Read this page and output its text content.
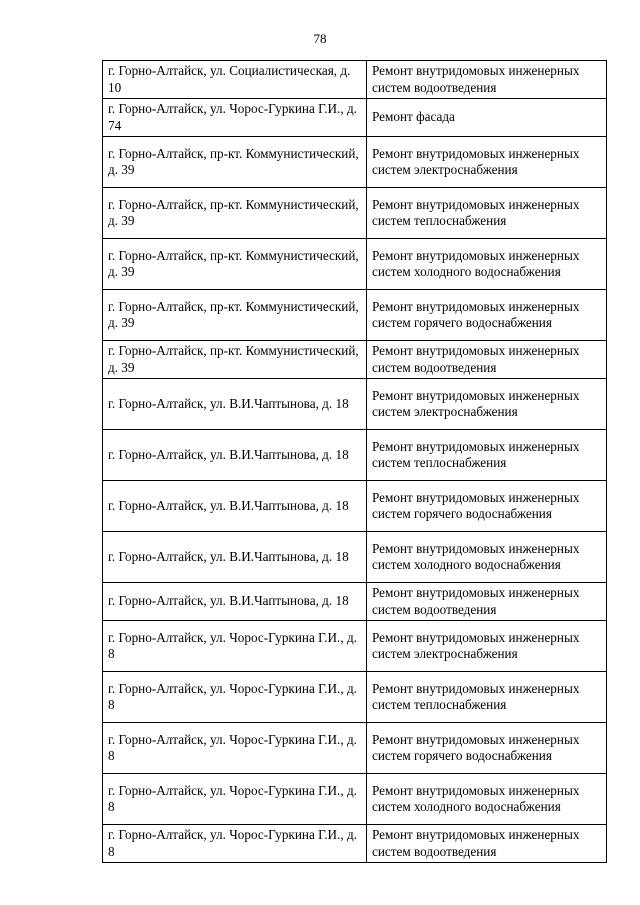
78
г. Горно-Алтайск, ул. Социалистическая, д. 10	Ремонт внутридомовых инженерных систем водоотведения
г. Горно-Алтайск, ул. Чорос-Гуркина Г.И., д. 74	Ремонт фасада
г. Горно-Алтайск, пр-кт. Коммунистический, д. 39	Ремонт внутридомовых инженерных систем электроснабжения
г. Горно-Алтайск, пр-кт. Коммунистический, д. 39	Ремонт внутридомовых инженерных систем теплоснабжения
г. Горно-Алтайск, пр-кт. Коммунистический, д. 39	Ремонт внутридомовых инженерных систем холодного водоснабжения
г. Горно-Алтайск, пр-кт. Коммунистический, д. 39	Ремонт внутридомовых инженерных систем горячего водоснабжения
г. Горно-Алтайск, пр-кт. Коммунистический, д. 39	Ремонт внутридомовых инженерных систем водоотведения
г. Горно-Алтайск, ул. В.И.Чаптынова, д. 18	Ремонт внутридомовых инженерных систем электроснабжения
г. Горно-Алтайск, ул. В.И.Чаптынова, д. 18	Ремонт внутридомовых инженерных систем теплоснабжения
г. Горно-Алтайск, ул. В.И.Чаптынова, д. 18	Ремонт внутридомовых инженерных систем горячего водоснабжения
г. Горно-Алтайск, ул. В.И.Чаптынова, д. 18	Ремонт внутридомовых инженерных систем холодного водоснабжения
г. Горно-Алтайск, ул. В.И.Чаптынова, д. 18	Ремонт внутридомовых инженерных систем водоотведения
г. Горно-Алтайск, ул. Чорос-Гуркина Г.И., д. 8	Ремонт внутридомовых инженерных систем электроснабжения
г. Горно-Алтайск, ул. Чорос-Гуркина Г.И., д. 8	Ремонт внутридомовых инженерных систем теплоснабжения
г. Горно-Алтайск, ул. Чорос-Гуркина Г.И., д. 8	Ремонт внутридомовых инженерных систем горячего водоснабжения
г. Горно-Алтайск, ул. Чорос-Гуркина Г.И., д. 8	Ремонт внутридомовых инженерных систем холодного водоснабжения
г. Горно-Алтайск, ул. Чорос-Гуркина Г.И., д. 8	Ремонт внутридомовых инженерных систем водоотведения
